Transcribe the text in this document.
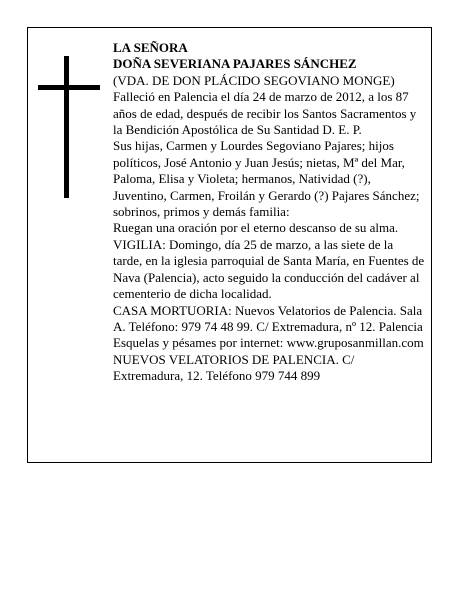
LA SEÑORA

DOÑA SEVERIANA PAJARES SÁNCHEZ

(VDA. DE DON PLÁCIDO SEGOVIANO MONGE)

Falleció en Palencia el día 24 de marzo de 2012, a los 87 años de edad, después de recibir los Santos Sacramentos y la Bendición Apostólica de Su Santidad D. E. P.

Sus hijas, Carmen y Lourdes Segoviano Pajares; hijos políticos, José Antonio y Juan Jesús; nietas, Mª del Mar, Paloma, Elisa y Violeta; hermanos, Natividad (?), Juventino, Carmen, Froilán y Gerardo (?) Pajares Sánchez; sobrinos, primos y demás familia:

Ruegan una oración por el eterno descanso de su alma.

VIGILIA: Domingo, día 25 de marzo, a las siete de la tarde, en la iglesia parroquial de Santa María, en Fuentes de Nava (Palencia), acto seguido la conducción del cadáver al cementerio de dicha localidad.

CASA MORTUORIA: Nuevos Velatorios de Palencia. Sala A. Teléfono: 979 74 48 99. C/ Extremadura, nº 12. Palencia

Esquelas y pésames por internet: www.gruposanmillan.com

NUEVOS VELATORIOS DE PALENCIA. C/ Extremadura, 12. Teléfono 979 744 899
